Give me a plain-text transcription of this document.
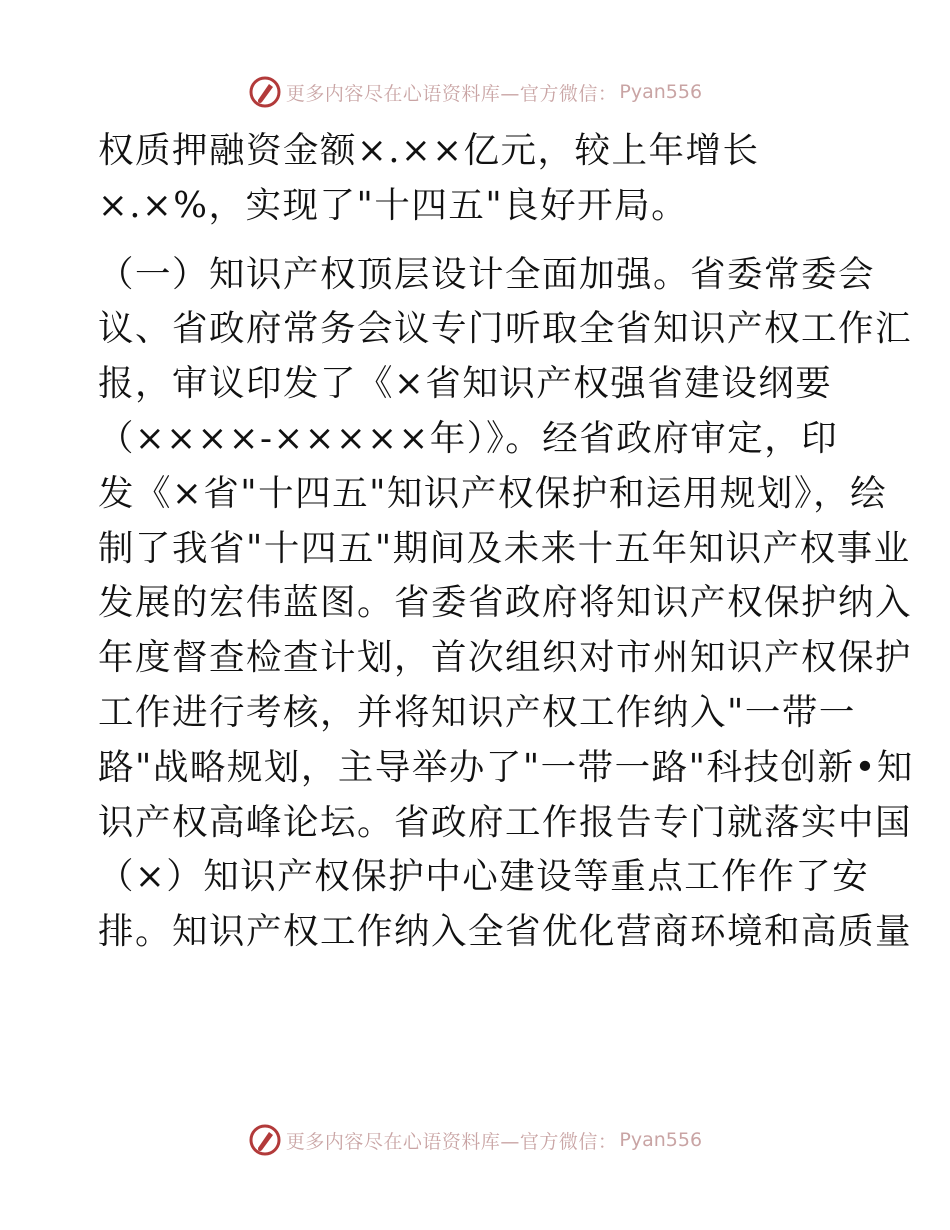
更多内容尽在心语资料库—官方微信： Pyan556
权质押融资金额×.××亿元，较上年增长
×.×%，实现了"十四五"良好开局。
（一）知识产权顶层设计全面加强。省委常委会
议、省政府常务会议专门听取全省知识产权工作汇
报，审议印发了《×省知识产权强省建设纲要
（××××-×××××年）》。经省政府审定，印
发《×省"十四五"知识产权保护和运用规划》，绘
制了我省"十四五"期间及未来十五年知识产权事业
发展的宏伟蓝图。省委省政府将知识产权保护纳入
年度督查检查计划，首次组织对市州知识产权保护
工作进行考核，并将知识产权工作纳入"一带一
路"战略规划，主导举办了"一带一路"科技创新•知
识产权高峰论坛。省政府工作报告专门就落实中国
（×）知识产权保护中心建设等重点工作作了安
排。知识产权工作纳入全省优化营商环境和高质量
更多内容尽在心语资料库—官方微信： Pyan556
